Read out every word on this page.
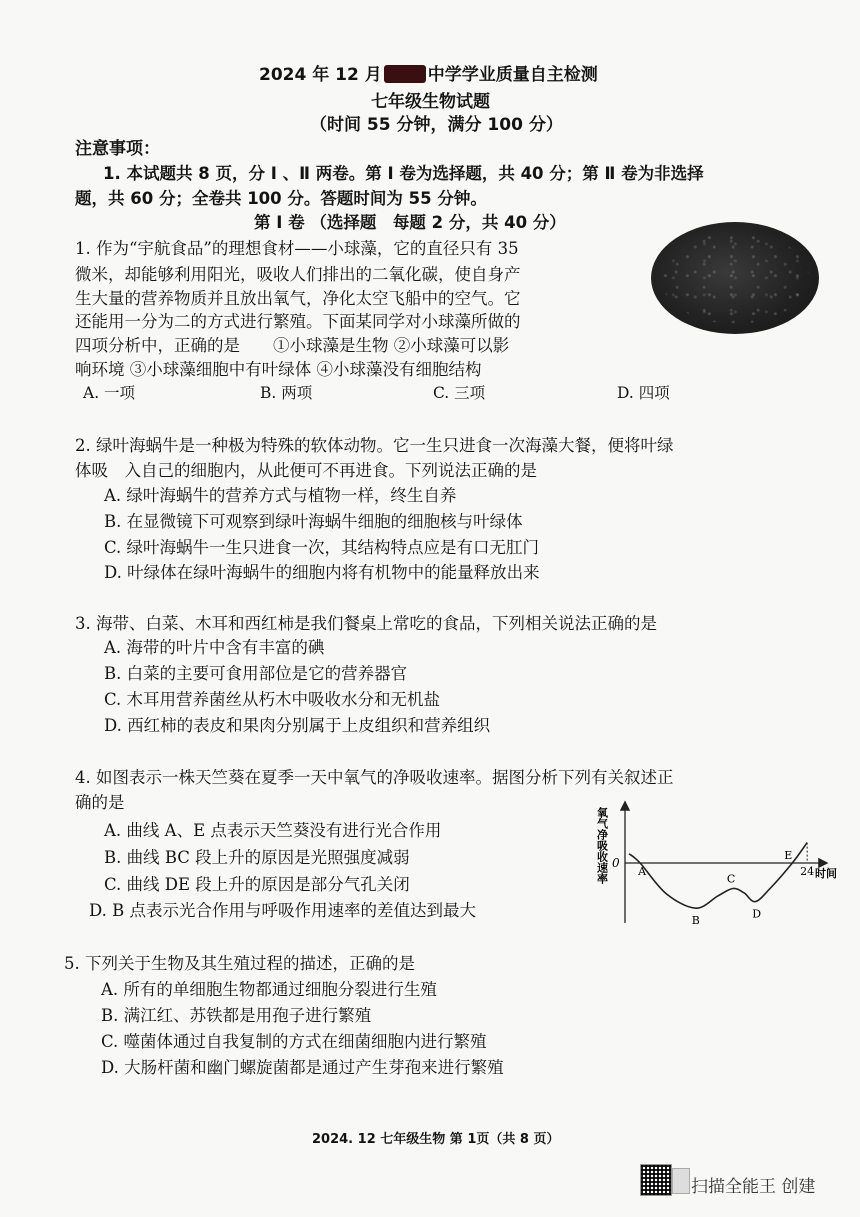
2024 年 12 月	中学学业质量自主检测
七年级生物试题
（时间 55 分钟，满分 100 分）
注意事项：
1. 本试题共 8 页，分 Ⅰ 、Ⅱ 两卷。第 Ⅰ 卷为选择题，共 40 分；第 Ⅱ 卷为非选择
题，共 60 分；全卷共 100 分。答题时间为 55 分钟。
第 Ⅰ 卷 （选择题　每题 2 分，共 40 分）
1. 作为“宇航食品”的理想食材——小球藻，它的直径只有 35
微米，却能够利用阳光，吸收人们排出的二氧化碳，使自身产
生大量的营养物质并且放出氧气，净化太空飞船中的空气。它
还能用一分为二的方式进行繁殖。下面某同学对小球藻所做的
四项分析中，正确的是　　①小球藻是生物 ②小球藻可以影
响环境 ③小球藻细胞中有叶绿体 ④小球藻没有细胞结构
A. 一项	B. 两项	C. 三项	D. 四项
2. 绿叶海蜗牛是一种极为特殊的软体动物。它一生只进食一次海藻大餐，便将叶绿
体吸　入自己的细胞内，从此便可不再进食。下列说法正确的是
A. 绿叶海蜗牛的营养方式与植物一样，终生自养
B. 在显微镜下可观察到绿叶海蜗牛细胞的细胞核与叶绿体
C. 绿叶海蜗牛一生只进食一次，其结构特点应是有口无肛门
D. 叶绿体在绿叶海蜗牛的细胞内将有机物中的能量释放出来
3. 海带、白菜、木耳和西红柿是我们餐桌上常吃的食品，下列相关说法正确的是
A. 海带的叶片中含有丰富的碘
B. 白菜的主要可食用部位是它的营养器官
C. 木耳用营养菌丝从朽木中吸收水分和无机盐
D. 西红柿的表皮和果肉分别属于上皮组织和营养组织
4. 如图表示一株天竺葵在夏季一天中氧气的净吸收速率。据图分析下列有关叙述正
确的是
A. 曲线 A、E 点表示天竺葵没有进行光合作用
B. 曲线 BC 段上升的原因是光照强度减弱
C. 曲线 DE 段上升的原因是部分气孔关闭
D. B 点表示光合作用与呼吸作用速率的差值达到最大
氧气净吸收速率 0
时间
24
A
B
C
D
E
5. 下列关于生物及其生殖过程的描述，正确的是
A. 所有的单细胞生物都通过细胞分裂进行生殖
B. 满江红、苏铁都是用孢子进行繁殖
C. 噬菌体通过自我复制的方式在细菌细胞内进行繁殖
D. 大肠杆菌和幽门螺旋菌都是通过产生芽孢来进行繁殖
2024. 12 七年级生物 第 1页（共 8 页）
扫描全能王 创建
